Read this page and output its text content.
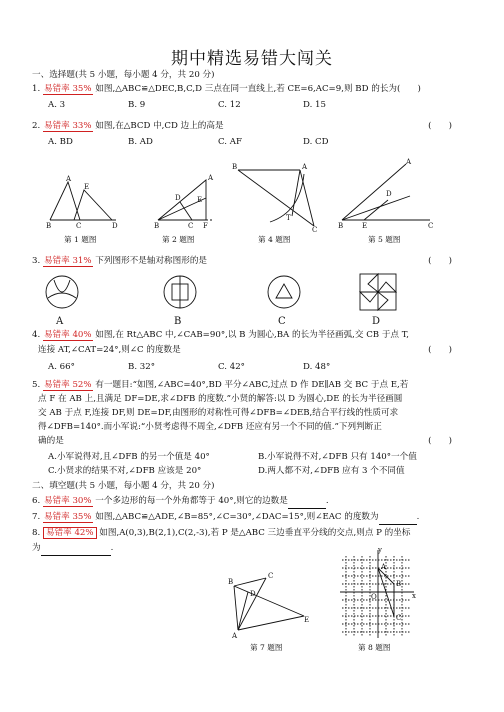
期中精选易错大闯关
一、选择题(共 5 小题，每小题 4 分，共 20 分)
1. 易错率 35% 如图,△ABC≌△DEC,B,C,D 三点在同一直线上,若 CE=6,AC=9,则 BD 的长为(　　)
A. 3	B. 9	C. 12	D. 15
2. 易错率 33% 如图,在△BCD 中,CD 边上的高是	(　　)
A. BD	B. AD	C. AF	D. CD
A
E
B	C	D
第 1 题图
A
D E
B	C F
第 2 题图
B	A
T
C
第 4 题图
A
D
E
B	C
第 5 题图
3. 易错率 31% 下列图形不是轴对称图形的是	(　　)
A	B	C	D
4. 易错率 40% 如图,在 Rt△ABC 中,∠CAB=90°,以 B 为圆心,BA 的长为半径画弧,交 CB 于点 T,
连接 AT,∠CAT=24°,则∠C 的度数是	(　　)
A. 66°	B. 32°	C. 42°	D. 48°
5. 易错率 52% 有一题目:“如图,∠ABC=40°,BD 平分∠ABC,过点 D 作 DE∥AB 交 BC 于点 E,若
点 F 在 AB 上,且满足 DF=DE,求∠DFB 的度数.”小贤的解答:以 D 为圆心,DE 的长为半径画圆
交 AB 于点 F,连接 DF,则 DE=DF,由图形的对称性可得∠DFB=∠DEB,结合平行线的性质可求
得∠DFB=140°.而小军说:“小贤考虑得不周全,∠DFB 还应有另一个不同的值.”下列判断正
确的是	(　　)
A.小军说得对,且∠DFB 的另一个值是 40°	B.小军说得不对,∠DFB 只有 140°一个值
C.小贤求的结果不对,∠DFB 应该是 20°	D.两人都不对,∠DFB 应有 3 个不同值
二、填空题(共 5 小题，每小题 4 分，共 20 分)
6. 易错率 30% 一个多边形的每一个外角都等于 40°,则它的边数是	.
7. 易错率 35% 如图,△ABC≌△ADE,∠B=85°,∠C=30°,∠DAC=15°,则∠EAC 的度数为	.
8. 易错率 42% 如图,A(0,3),B(2,1),C(2,-3),若 P 是△ABC 三边垂直平分线的交点,则点 P 的坐标
为	.
B
C
D
A
E
第 7 题图
y
x
O
A
B
C
第 8 题图
